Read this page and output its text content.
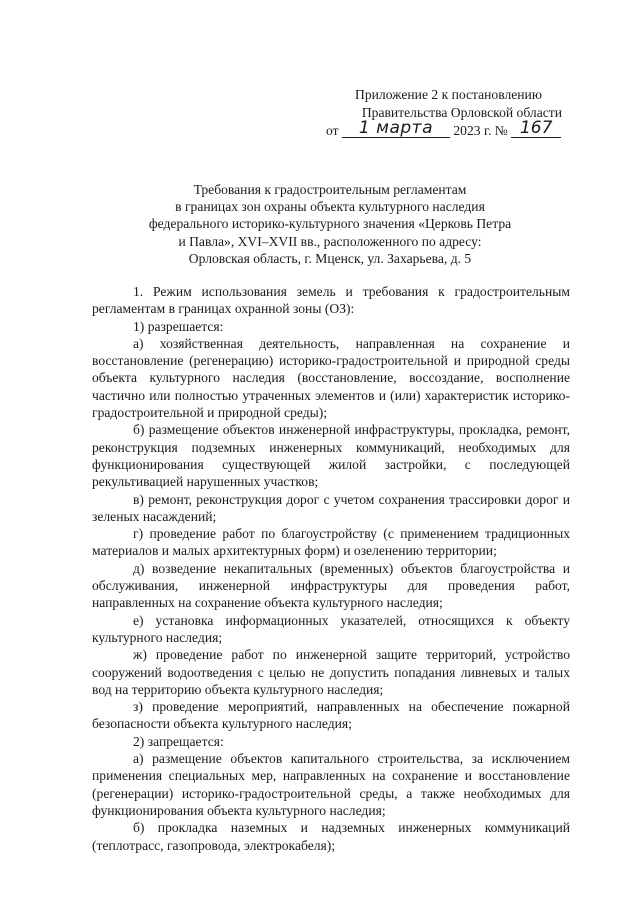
Приложение 2 к постановлению
Правительства Орловской области
от 1 марта 2023 г. № 167
Требования к градостроительным регламентам
в границах зон охраны объекта культурного наследия
федерального историко-культурного значения «Церковь Петра
и Павла», XVI–XVII вв., расположенного по адресу:
Орловская область, г. Мценск, ул. Захарьева, д. 5

1. Режим использования земель и требования к градостроительным регламентам в границах охранной зоны (ОЗ):

1) разрешается:

а) хозяйственная деятельность, направленная на сохранение и восстановление (регенерацию) историко-градостроительной и природной среды объекта культурного наследия (восстановление, воссоздание, восполнение частично или полностью утраченных элементов и (или) характеристик историко-градостроительной и природной среды);

б) размещение объектов инженерной инфраструктуры, прокладка, ремонт, реконструкция подземных инженерных коммуникаций, необходимых для функционирования существующей жилой застройки, с последующей рекультивацией нарушенных участков;

в) ремонт, реконструкция дорог с учетом сохранения трассировки дорог и зеленых насаждений;

г) проведение работ по благоустройству (с применением традиционных материалов и малых архитектурных форм) и озеленению территории;

д) возведение некапитальных (временных) объектов благоустройства и обслуживания, инженерной инфраструктуры для проведения работ, направленных на сохранение объекта культурного наследия;

е) установка информационных указателей, относящихся к объекту культурного наследия;

ж) проведение работ по инженерной защите территорий, устройство сооружений водоотведения с целью не допустить попадания ливневых и талых вод на территорию объекта культурного наследия;

з) проведение мероприятий, направленных на обеспечение пожарной безопасности объекта культурного наследия;

2) запрещается:

а) размещение объектов капитального строительства, за исключением применения специальных мер, направленных на сохранение и восстановление (регенерации) историко-градостроительной среды, а также необходимых для функционирования объекта культурного наследия;

б) прокладка наземных и надземных инженерных коммуникаций (теплотрасс, газопровода, электрокабеля);
